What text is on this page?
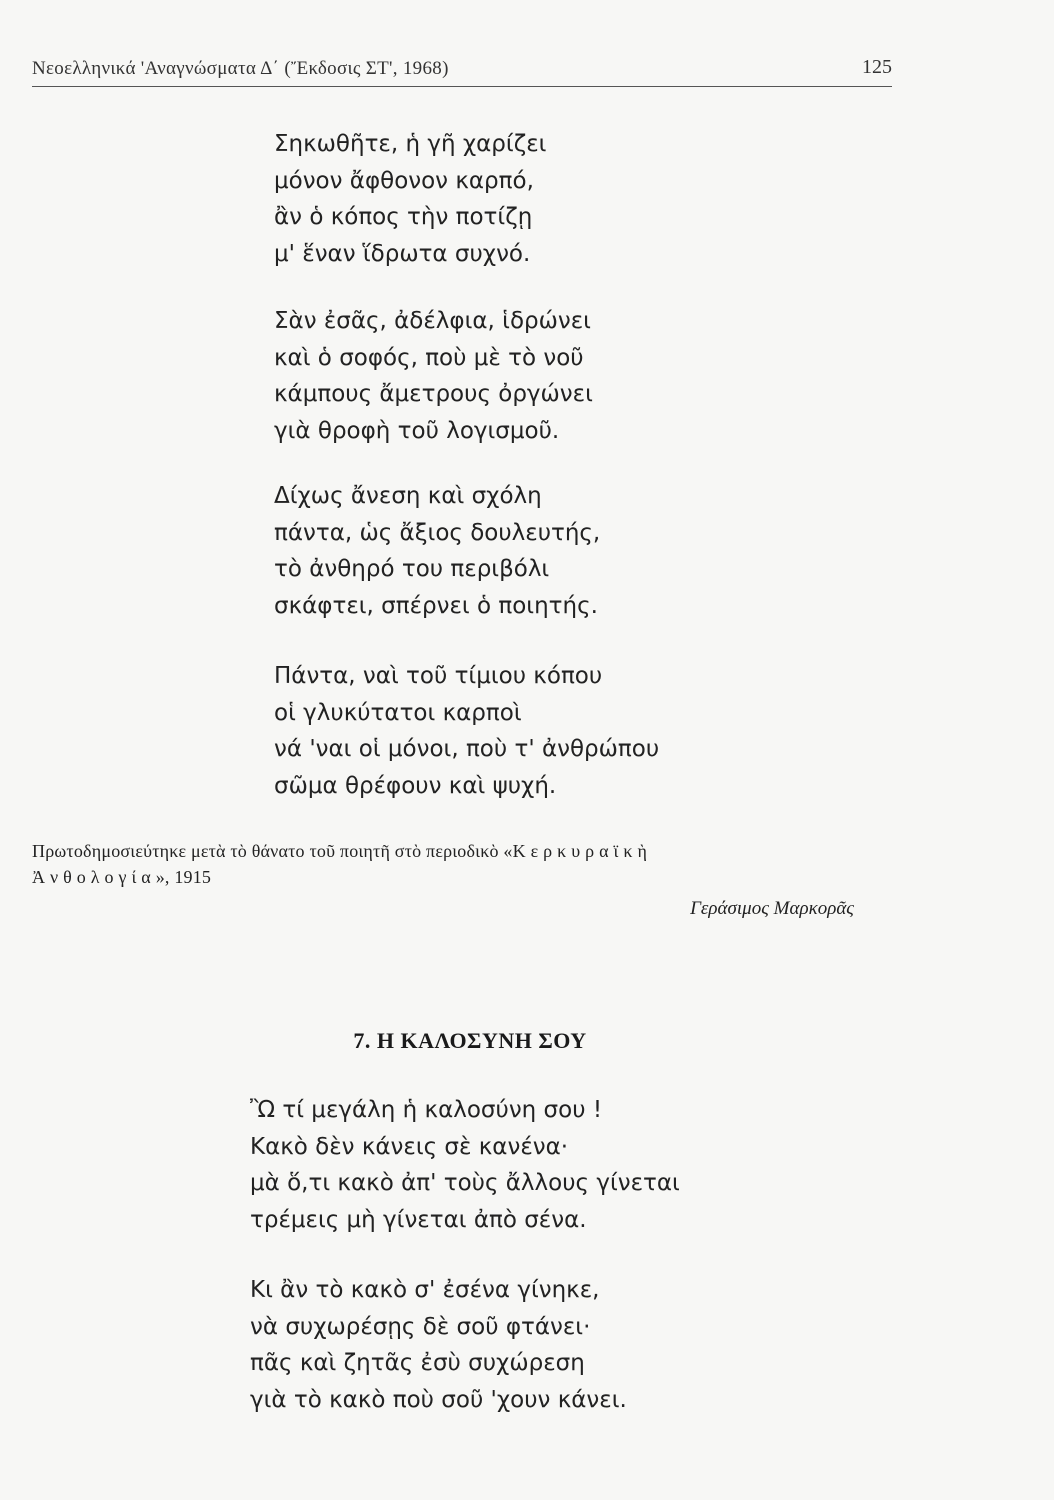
Νεοελληνικά 'Αναγνώσματα Δ΄ (Ἔκδοσις ΣΤ', 1968)	125
Σηκωθῆτε, ἡ γῆ χαρίζει
μόνον ἄφθονον καρπό,
ἂν ὁ κόπος τὴν ποτίζῃ
μ' ἕναν ἵδρωτα συχνό.
Σὰν ἐσᾶς, ἀδέλφια, ἱδρώνει
καὶ ὁ σοφός, ποὺ μὲ τὸ νοῦ
κάμπους ἄμετρους ὀργώνει
γιὰ θροφὴ τοῦ λογισμοῦ.
Δίχως ἄνεση καὶ σχόλη
πάντα, ὡς ἄξιος δουλευτής,
τὸ ἀνθηρό του περιβόλι
σκάφτει, σπέρνει ὁ ποιητής.
Πάντα, ναὶ τοῦ τίμιου κόπου
οἱ γλυκύτατοι καρποὶ
νά 'ναι οἱ μόνοι, ποὺ τ' ἀνθρώπου
σῶμα θρέφουν καὶ ψυχή.
Πρωτοδημοσιεύτηκε μετὰ τὸ θάνατο τοῦ ποιητῆ στὸ περιοδικὸ «Κερκυραϊκὴ
Ἀνθολογία», 1915
Γεράσιμος Μαρκορᾶς
7. Η ΚΑΛΟΣΥΝΗ ΣΟΥ
Ὢ τί μεγάλη ἡ καλοσύνη σου !
Κακὸ δὲν κάνεις σὲ κανένα·
μὰ ὅ,τι κακὸ ἀπ' τοὺς ἄλλους γίνεται
τρέμεις μὴ γίνεται ἀπὸ σένα.
Κι ἂν τὸ κακὸ σ' ἐσένα γίνηκε,
νὰ συχωρέσῃς δὲ σοῦ φτάνει·
πᾶς καὶ ζητᾶς ἐσὺ συχώρεση
γιὰ τὸ κακὸ ποὺ σοῦ 'χουν κάνει.
